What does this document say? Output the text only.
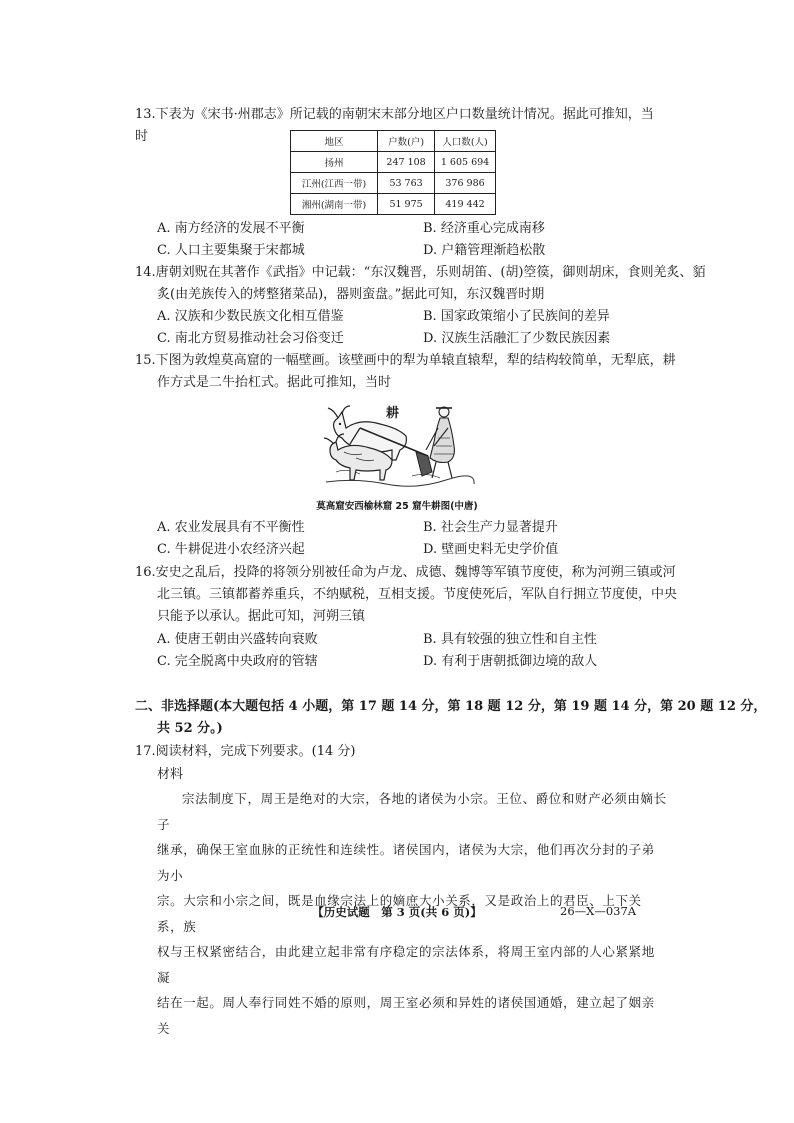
13.下表为《宋书·州郡志》所记载的南朝宋末部分地区户口数量统计情况。据此可推知，当时	地区	户数(户)	人口数(人)
扬州	247 108	1 605 694
江州(江西一带)	53 763	376 986
湘州(湖南一带)	51 975	419 442
A. 南方经济的发展不平衡	B. 经济重心完成南移
C. 人口主要集聚于宋都城	D. 户籍管理渐趋松散
14.唐朝刘贶在其著作《武指》中记载：“东汉魏晋，乐则胡笛、(胡)箜篌，御则胡床，食则羌炙、貊
炙(由羌族传入的烤整猪菜品)，器则蛮盘。”据此可知，东汉魏晋时期
A. 汉族和少数民族文化相互借鉴	B. 国家政策缩小了民族间的差异
C. 南北方贸易推动社会习俗变迁	D. 汉族生活融汇了少数民族因素
15.下图为敦煌莫高窟的一幅壁画。该壁画中的犁为单辕直辕犁，犁的结构较简单，无犁底，耕
作方式是二牛抬杠式。据此可推知，当时
耕
莫高窟安西榆林窟 25 窟牛耕图(中唐)
A. 农业发展具有不平衡性	B. 社会生产力显著提升
C. 牛耕促进小农经济兴起	D. 壁画史料无史学价值
16.安史之乱后，投降的将领分别被任命为卢龙、成德、魏博等军镇节度使，称为河朔三镇或河
北三镇。三镇都蓄养重兵，不纳赋税，互相支援。节度使死后，军队自行拥立节度使，中央
只能予以承认。据此可知，河朔三镇
A. 使唐王朝由兴盛转向衰败	B. 具有较强的独立性和自主性
C. 完全脱离中央政府的管辖	D. 有利于唐朝抵御边境的敌人
二、非选择题(本大题包括 4 小题，第 17 题 14 分，第 18 题 12 分，第 19 题 14 分，第 20 题 12 分，
共 52 分。)
17.阅读材料，完成下列要求。(14 分)
材料

宗法制度下，周王是绝对的大宗，各地的诸侯为小宗。王位、爵位和财产必须由嫡长子

继承，确保王室血脉的正统性和连续性。诸侯国内，诸侯为大宗，他们再次分封的子弟为小

宗。大宗和小宗之间，既是血缘宗法上的嫡庶大小关系，又是政治上的君臣、上下关系，族

权与王权紧密结合，由此建立起非常有序稳定的宗法体系，将周王室内部的人心紧紧地凝

结在一起。周人奉行同姓不婚的原则，周王室必须和异姓的诸侯国通婚，建立起了姻亲关

【历史试题　第 3 页(共 6 页)】	26—X—037A
